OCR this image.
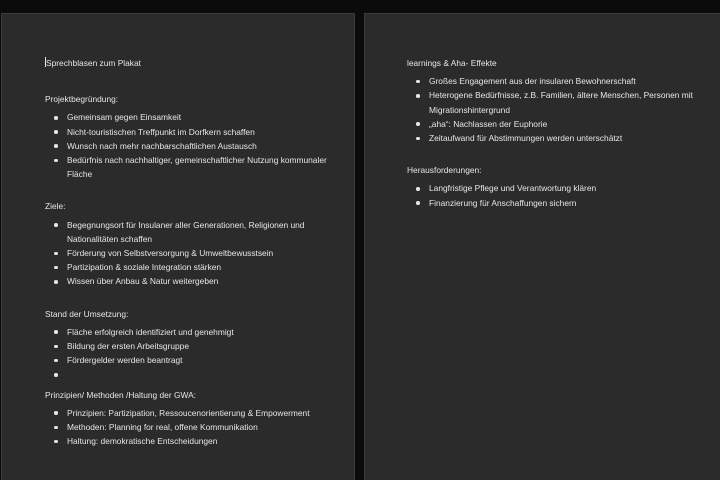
Sprechblasen zum Plakat

Projektbegründung:

Gemeinsam gegen Einsamkeit
Nicht-touristischen Treffpunkt im Dorfkern schaffen
Wunsch nach mehr nachbarschaftlichen Austausch
Bedürfnis nach nachhaltiger, gemeinschaftlicher Nutzung kommunaler Fläche

Ziele:

Begegnungsort für Insulaner aller Generationen, Religionen und Nationalitäten schaffen
Förderung von Selbstversorgung & Umweltbewusstsein
Partizipation & soziale Integration stärken
Wissen über Anbau & Natur weitergeben

Stand der Umsetzung:

Fläche erfolgreich identifiziert und genehmigt
Bildung der ersten Arbeitsgruppe
Fördergelder werden beantragt

Prinzipien/ Methoden /Haltung der GWA:

Prinzipien: Partizipation, Ressoucenorientierung & Empowerment
Methoden: Planning for real, offene Kommunikation
Haltung: demokratische Entscheidungen

learnings & Aha- Effekte

Großes Engagement aus der insularen Bewohnerschaft
Heterogene Bedürfnisse, z.B. Familien, ältere Menschen, Personen mit Migrationshintergrund
„aha“: Nachlassen der Euphorie
Zeitaufwand für Abstimmungen werden unterschätzt

Herausforderungen:

Langfristige Pflege und Verantwortung klären
Finanzierung für Anschaffungen sichern
